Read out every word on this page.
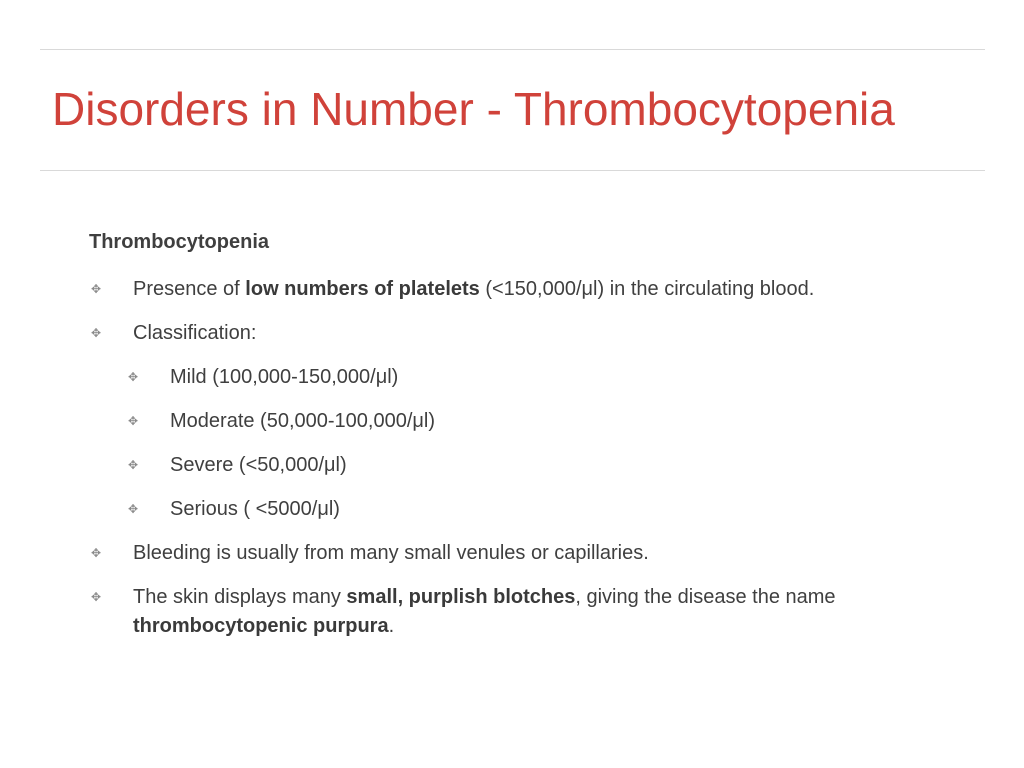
Disorders in Number - Thrombocytopenia
Thrombocytopenia
✥ Presence of low numbers of platelets (<150,000/μl) in the circulating blood.
✥ Classification:
✥ Mild (100,000-150,000/μl)
✥ Moderate (50,000-100,000/μl)
✥ Severe (<50,000/μl)
✥ Serious ( <5000/μl)
✥ Bleeding is usually from many small venules or capillaries.
✥ The skin displays many small, purplish blotches, giving the disease the name thrombocytopenic purpura.
